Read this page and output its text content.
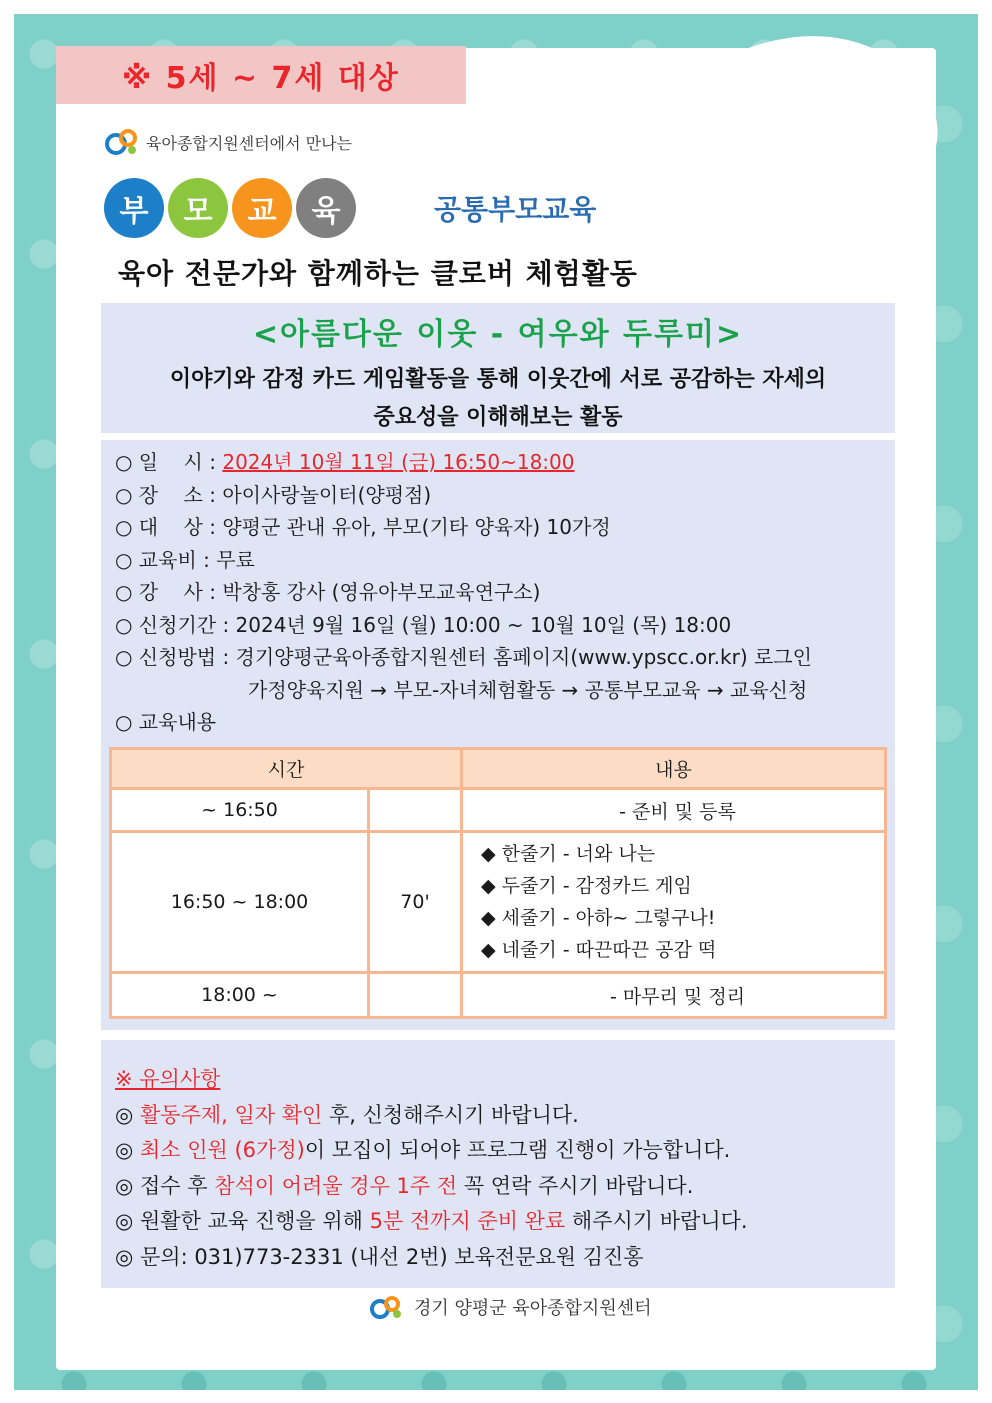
※ 5세 ~ 7세 대상
육아종합지원센터에서 만나는
부	모	교	육	공통부모교육
육아 전문가와 함께하는 클로버 체험활동
<아름다운 이웃 - 여우와 두루미>
이야기와 감정 카드 게임활동을 통해 이웃간에 서로 공감하는 자세의
중요성을 이해해보는 활동
○ 일    시 : 2024년 10월 11일 (금) 16:50~18:00
○ 장    소 : 아이사랑놀이터(양평점)
○ 대    상 : 양평군 관내 유아, 부모(기타 양육자) 10가정
○ 교육비 : 무료
○ 강    사 : 박창홍 강사 (영유아부모교육연구소)
○ 신청기간 : 2024년 9월 16일 (월) 10:00 ~ 10월 10일 (목) 18:00
○ 신청방법 : 경기양평군육아종합지원센터 홈페이지(www.ypscc.or.kr) 로그인
가정양육지원 → 부모-자녀체험활동 → 공통부모교육 → 교육신청
○ 교육내용
시간		내용
~ 16:50		- 준비 및 등록
16:50 ~ 18:00	70'	◆ 한줄기 - 너와 나는
◆ 두줄기 - 감정카드 게임
◆ 세줄기 - 아하~ 그렇구나!
◆ 네줄기 - 따끈따끈 공감 떡

18:00 ~		- 마무리 및 정리
※ 유의사항
◎ 활동주제, 일자 확인 후, 신청해주시기 바랍니다.
◎ 최소 인원 (6가정)이 모집이 되어야 프로그램 진행이 가능합니다.
◎ 접수 후 참석이 어려울 경우 1주 전 꼭 연락 주시기 바랍니다.
◎ 원활한 교육 진행을 위해 5분 전까지 준비 완료 해주시기 바랍니다.
◎ 문의: 031)773-2331 (내선 2번) 보육전문요원 김진홍
경기 양평군 육아종합지원센터
